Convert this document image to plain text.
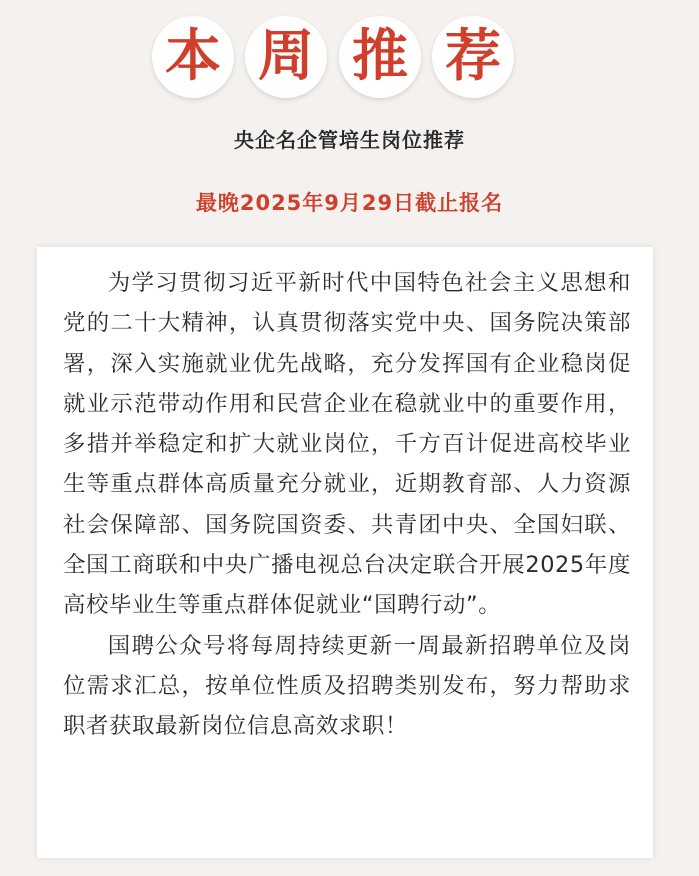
本 周 推 荐
央企名企管培生岗位推荐
最晚2025年9月29日截止报名

为学习贯彻习近平新时代中国特色社会主义思想和党的二十大精神，认真贯彻落实党中央、国务院决策部署，深入实施就业优先战略，充分发挥国有企业稳岗促就业示范带动作用和民营企业在稳就业中的重要作用，多措并举稳定和扩大就业岗位，千方百计促进高校毕业生等重点群体高质量充分就业，近期教育部、人力资源社会保障部、国务院国资委、共青团中央、全国妇联、全国工商联和中央广播电视总台决定联合开展2025年度高校毕业生等重点群体促就业“国聘行动”。

国聘公众号将每周持续更新一周最新招聘单位及岗位需求汇总，按单位性质及招聘类别发布，努力帮助求职者获取最新岗位信息高效求职！
